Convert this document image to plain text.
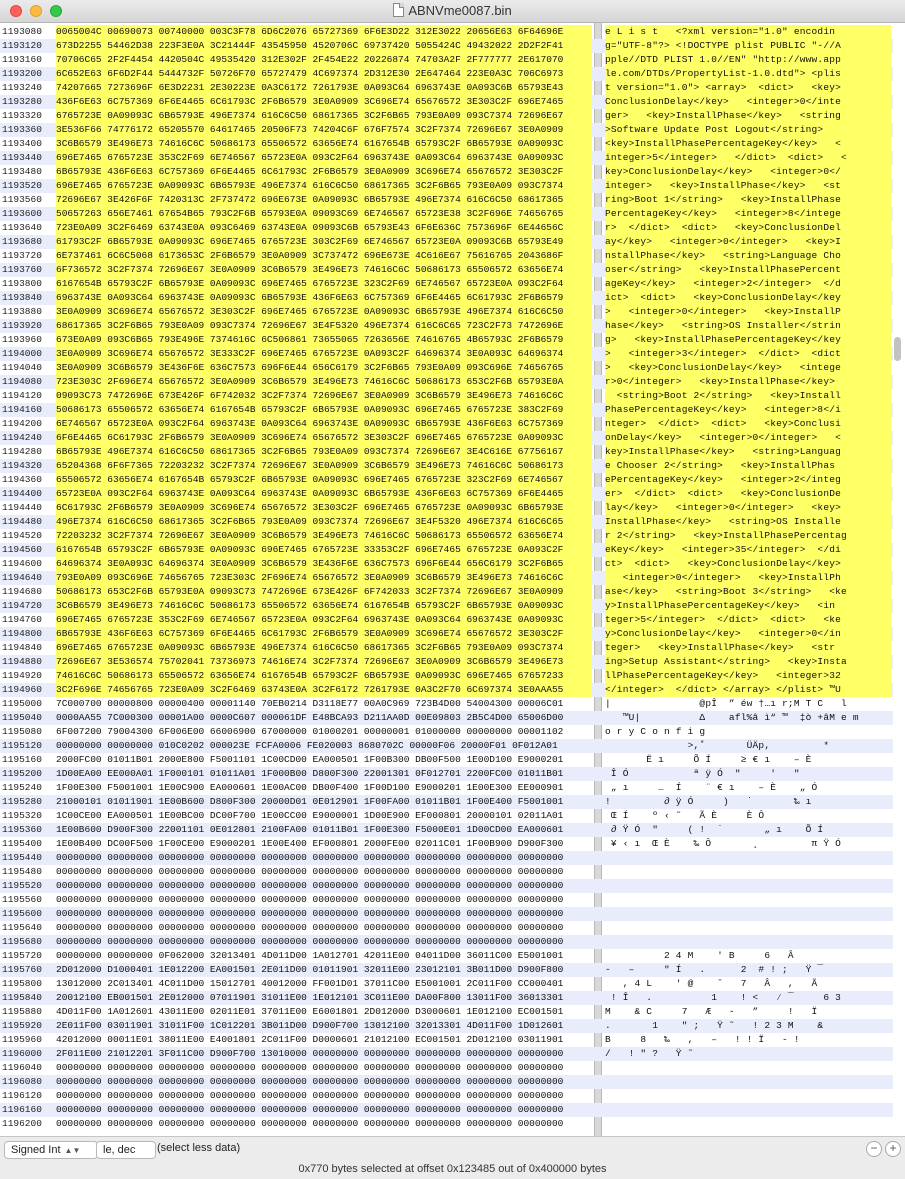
ABNVme0087.bin
1193080	0065004C 00690073 00740000 003C3F78 6D6C2076 65727369 6F6E3D22 312E3022 20656E63 6F64696E	e L i s t   <?xml version="1.0" encodin
1193120	673D2255 54462D38 223F3E0A 3C21444F 43545950 4520706C 69737420 5055424C 49432022 2D2F2F41	g="UTF-8"?> <!DOCTYPE plist PUBLIC "-//A
1193160	70706C65 2F2F4454 4420504C 49535420 312E302F 2F454E22 20226874 74703A2F 2F777777 2E617070	pple//DTD PLIST 1.0//EN" "http://www.app
1193200	6C652E63 6F6D2F44 5444732F 50726F70 65727479 4C697374 2D312E30 2E647464 223E0A3C 706C6973	le.com/DTDs/PropertyList-1.0.dtd"> <plis
1193240	74207665 7273696F 6E3D2231 2E30223E 0A3C6172 7261793E 0A093C64 6963743E 0A093C6B 65793E43	t version="1.0"> <array>  <dict>   <key>
1193280	436F6E63 6C757369 6F6E4465 6C61793C 2F6B6579 3E0A0909 3C696E74 65676572 3E303C2F 696E7465	ConclusionDelay</key>   <integer>0</inte
1193320	6765723E 0A09093C 6B65793E 496E7374 616C6C50 68617365 3C2F6B65 793E0A09 093C7374 72696E67	ger>   <key>InstallPhase</key>   <string
1193360	3E536F66 74776172 65205570 64617465 20506F73 74204C6F 676F7574 3C2F7374 72696E67 3E0A0909	>Software Update Post Logout</string>
1193400	3C6B6579 3E496E73 74616C6C 50686173 65506572 63656E74 6167654B 65793C2F 6B65793E 0A09093C	<key>InstallPhasePercentageKey</key>   <
1193440	696E7465 6765723E 353C2F69 6E746567 65723E0A 093C2F64 6963743E 0A093C64 6963743E 0A09093C	integer>5</integer>   </dict>  <dict>   <
1193480	6B65793E 436F6E63 6C757369 6F6E4465 6C61793C 2F6B6579 3E0A0909 3C696E74 65676572 3E303C2F	key>ConclusionDelay</key>   <integer>0</
1193520	696E7465 6765723E 0A09093C 6B65793E 496E7374 616C6C50 68617365 3C2F6B65 793E0A09 093C7374	integer>   <key>InstallPhase</key>   <st
1193560	72696E67 3E426F6F 7420313C 2F737472 696E673E 0A09093C 6B65793E 496E7374 616C6C50 68617365	ring>Boot 1</string>   <key>InstallPhase
1193600	50657263 656E7461 67654B65 793C2F6B 65793E0A 09093C69 6E746567 65723E38 3C2F696E 74656765	PercentageKey</key>   <integer>8</intege
1193640	723E0A09 3C2F6469 63743E0A 093C6469 63743E0A 09093C6B 65793E43 6F6E636C 7573696F 6E44656C	r>  </dict>  <dict>   <key>ConclusionDel
1193680	61793C2F 6B65793E 0A09093C 696E7465 6765723E 303C2F69 6E746567 65723E0A 09093C6B 65793E49	ay</key>   <integer>0</integer>   <key>I
1193720	6E737461 6C6C5068 6173653C 2F6B6579 3E0A0909 3C737472 696E673E 4C616E67 75616765 2043686F	nstallPhase</key>   <string>Language Cho
1193760	6F736572 3C2F7374 72696E67 3E0A0909 3C6B6579 3E496E73 74616C6C 50686173 65506572 63656E74	oser</string>   <key>InstallPhasePercent
1193800	6167654B 65793C2F 6B65793E 0A09093C 696E7465 6765723E 323C2F69 6E746567 65723E0A 093C2F64	ageKey</key>   <integer>2</integer>  </d
1193840	6963743E 0A093C64 6963743E 0A09093C 6B65793E 436F6E63 6C757369 6F6E4465 6C61793C 2F6B6579	ict>  <dict>   <key>ConclusionDelay</key
1193880	3E0A0909 3C696E74 65676572 3E303C2F 696E7465 6765723E 0A09093C 6B65793E 496E7374 616C6C50	>   <integer>0</integer>   <key>InstallP
1193920	68617365 3C2F6B65 793E0A09 093C7374 72696E67 3E4F5320 496E7374 616C6C65 723C2F73 7472696E	hase</key>   <string>OS Installer</strin
1193960	673E0A09 093C6B65 793E496E 7374616C 6C506861 73655065 7263656E 74616765 4B65793C 2F6B6579	g>   <key>InstallPhasePercentageKey</key
1194000	3E0A0909 3C696E74 65676572 3E333C2F 696E7465 6765723E 0A093C2F 64696374 3E0A093C 64696374	>   <integer>3</integer>  </dict>  <dict
1194040	3E0A0909 3C6B6579 3E436F6E 636C7573 696F6E44 656C6179 3C2F6B65 793E0A09 093C696E 74656765	>   <key>ConclusionDelay</key>   <intege
1194080	723E303C 2F696E74 65676572 3E0A0909 3C6B6579 3E496E73 74616C6C 50686173 653C2F6B 65793E0A	r>0</integer>   <key>InstallPhase</key>
1194120	09093C73 7472696E 673E426F 6F742032 3C2F7374 72696E67 3E0A0909 3C6B6579 3E496E73 74616C6C	<string>Boot 2</string>   <key>Install
1194160	50686173 65506572 63656E74 6167654B 65793C2F 6B65793E 0A09093C 696E7465 6765723E 383C2F69	PhasePercentageKey</key>   <integer>8</i
1194200	6E746567 65723E0A 093C2F64 6963743E 0A093C64 6963743E 0A09093C 6B65793E 436F6E63 6C757369	nteger>  </dict>  <dict>   <key>Conclusi
1194240	6F6E4465 6C61793C 2F6B6579 3E0A0909 3C696E74 65676572 3E303C2F 696E7465 6765723E 0A09093C	onDelay</key>   <integer>0</integer>   <
1194280	6B65793E 496E7374 616C6C50 68617365 3C2F6B65 793E0A09 093C7374 72696E67 3E4C616E 67756167	key>InstallPhase</key>   <string>Languag
1194320	65204368 6F6F7365 72203232 3C2F7374 72696E67 3E0A0909 3C6B6579 3E496E73 74616C6C 50686173	e Chooser 2</string>   <key>InstallPhas
1194360	65506572 63656E74 6167654B 65793C2F 6B65793E 0A09093C 696E7465 6765723E 323C2F69 6E746567	ePercentageKey</key>   <integer>2</integ
1194400	65723E0A 093C2F64 6963743E 0A093C64 6963743E 0A09093C 6B65793E 436F6E63 6C757369 6F6E4465	er>  </dict>  <dict>   <key>ConclusionDe
1194440	6C61793C 2F6B6579 3E0A0909 3C696E74 65676572 3E303C2F 696E7465 6765723E 0A09093C 6B65793E	lay</key>   <integer>0</integer>   <key>
1194480	496E7374 616C6C50 68617365 3C2F6B65 793E0A09 093C7374 72696E67 3E4F5320 496E7374 616C6C65	InstallPhase</key>   <string>OS Installe
1194520	72203232 3C2F7374 72696E67 3E0A0909 3C6B6579 3E496E73 74616C6C 50686173 65506572 63656E74	r 2</string>   <key>InstallPhasePercentag
1194560	6167654B 65793C2F 6B65793E 0A09093C 696E7465 6765723E 33353C2F 696E7465 6765723E 0A093C2F	eKey</key>   <integer>35</integer>  </di
1194600	64696374 3E0A093C 64696374 3E0A0909 3C6B6579 3E436F6E 636C7573 696F6E44 656C6179 3C2F6B65	ct>  <dict>   <key>ConclusionDelay</key>
1194640	793E0A09 093C696E 74656765 723E303C 2F696E74 65676572 3E0A0909 3C6B6579 3E496E73 74616C6C	<integer>0</integer>   <key>InstallPh
1194680	50686173 653C2F6B 65793E0A 09093C73 7472696E 673E426F 6F742033 3C2F7374 72696E67 3E0A0909	ase</key>   <string>Boot 3</string>   <ke
1194720	3C6B6579 3E496E73 74616C6C 50686173 65506572 63656E74 6167654B 65793C2F 6B65793E 0A09093C	y>InstallPhasePercentageKey</key>   <in
1194760	696E7465 6765723E 353C2F69 6E746567 65723E0A 093C2F64 6963743E 0A093C64 6963743E 0A09093C	teger>5</integer>  </dict>  <dict>   <ke
1194800	6B65793E 436F6E63 6C757369 6F6E4465 6C61793C 2F6B6579 3E0A0909 3C696E74 65676572 3E303C2F	y>ConclusionDelay</key>   <integer>0</in
1194840	696E7465 6765723E 0A09093C 6B65793E 496E7374 616C6C50 68617365 3C2F6B65 793E0A09 093C7374	teger>   <key>InstallPhase</key>   <str
1194880	72696E67 3E536574 75702041 73736973 74616E74 3C2F7374 72696E67 3E0A0909 3C6B6579 3E496E73	ing>Setup Assistant</string>   <key>Insta
1194920	74616C6C 50686173 65506572 63656E74 6167654B 65793C2F 6B65793E 0A09093C 696E7465 67657233	llPhasePercentageKey</key>   <integer>32
1194960	3C2F696E 74656765 723E0A09 3C2F6469 63743E0A 3C2F6172 7261793E 0A3C2F70 6C697374 3E0AAA55	</integer>  </dict> </array> </plist> ™U
1195000	7C000700 00000800 00000400 00001140 70EB0214 D3118E77 00A0C969 723B4D00 54004300 00006C01	|               @pÎ  ” éw †…ı r;M T C   l
1195040	0000AA55 7C000300 00001A00 0000C607 000061DF E48BCA93 D211AA0D 00E09803 2B5C4D00 65006D00	™U|          Δ    afl%â ì“ ™  ‡ò +âM e m
1195080	6F007200 79004300 6F006E00 66006900 67000000 01000201 00000001 01000000 00000000 00001102	o r y C o n f i g
1195120	00000000 00000000 010C0202 000023E FCFA0006 FE020003 8680702C 00000F06 20000F01 0F012A01	>,˚       ÜÄp,         *
1195160	2000FC00 01011B01 2000E800 F5001101 1C00CD00 EA000501 1F00B300 DB00F500 1E00D100 E9000201	Ë ı     Õ Í     ≥ € ı    – È
1195200	1D00EA00 EE000A01 1F000101 01011A01 1F000B00 D800F300 22001301 0F012701 2200FC00 01011B01	Î Ó           ª ÿ Ó  "     '   "
1195240	1F00E300 F5001001 1E00C900 EA000601 1E00AC00 DB00F400 1F00D100 E9000201 1E00E300 EE000901	„ ı     …  Í    ¨ € ı    – È    „ Ó
1195280	21000101 01011901 1E00B600 D800F300 20000D01 0E012901 1F00FA00 01011B01 1F00E400 F5001001	!         ∂ ÿ Ó     )   ˙       ‰ ı
1195320	1C00CE00 EA000501 1E00BC00 DC00F700 1E00CC00 E9000001 1D00E900 EF000801 20000101 02011A01	Œ Í    º ‹ ˜   Ã È     È Ô
1195360	1E00B600 D900F300 22001101 0E012801 2100FA00 01011B01 1F00E300 F5000E01 1D00CD00 EA000601	∂ Ÿ Ó  "     ( !  ˙       „ ı    Õ Í
1195400	1E00B400 DC00F500 1F00CE00 E9000201 1E00E400 EF000801 2000FE00 02011C01 1F00B900 D900F300	¥ ‹ ı  Œ È    ‰ Ô       ˛         π Ÿ Ó
1195440	00000000 00000000 00000000 00000000 00000000 00000000 00000000 00000000 00000000 00000000
1195480	00000000 00000000 00000000 00000000 00000000 00000000 00000000 00000000 00000000 00000000
1195520	00000000 00000000 00000000 00000000 00000000 00000000 00000000 00000000 00000000 00000000
1195560	00000000 00000000 00000000 00000000 00000000 00000000 00000000 00000000 00000000 00000000
1195600	00000000 00000000 00000000 00000000 00000000 00000000 00000000 00000000 00000000 00000000
1195640	00000000 00000000 00000000 00000000 00000000 00000000 00000000 00000000 00000000 00000000
1195680	00000000 00000000 00000000 00000000 00000000 00000000 00000000 00000000 00000000 00000000
1195720	00000000 00000000 0F062000 32013401 4D011D00 1A012701 42011E00 04011D00 36011C00 E5001001	2 4 M    ' B     6   Â
1195760	2D012000 D1000401 1E012200 EA001501 2E011D00 01011901 32011E00 23012101 3B011D00 D900F800	-   –     " Í   .      2  # ! ;   Ÿ ¯
1195800	13012000 2C013401 4C011D00 15012701 40012000 FF001D01 37011C00 E5001001 2C011F00 CC000401	, 4 L    ' @    ˇ   7   Â   ,   Ã
1195840	20012100 EB001501 2E012000 07011901 31011E00 1E012101 3C011E00 DA00F800 13011F00 36013301	! Î   .          1    ! <   ⁄ ¯     6 3
1195880	4D011F00 1A012601 43011E00 02011E01 37011E00 E6001801 2D012000 D3000601 1E012100 EC001501	M    & C     7   Æ   -   ”     !   Ï
1195920	2E011F00 03011901 31011F00 1C012201 3B011D00 D900F700 13012100 32013301 4D011F00 1D012601	.       1    " ;   Ÿ ˜   ! 2 3 M    &
1195960	42012000 00011E01 38011E00 E4001801 2C011F00 D0000601 21012100 EC001501 2D012100 03011901	B     8   ‰   ,   –   ! ! Ï   - !
1196000	2F011E00 21012201 3F011C00 D900F700 13010000 00000000 00000000 00000000 00000000 00000000	/   ! " ?   Ÿ ˜
1196040	00000000 00000000 00000000 00000000 00000000 00000000 00000000 00000000 00000000 00000000
1196080	00000000 00000000 00000000 00000000 00000000 00000000 00000000 00000000 00000000 00000000
1196120	00000000 00000000 00000000 00000000 00000000 00000000 00000000 00000000 00000000 00000000
1196160	00000000 00000000 00000000 00000000 00000000 00000000 00000000 00000000 00000000 00000000
1196200	00000000 00000000 00000000 00000000 00000000 00000000 00000000 00000000 00000000 00000000
Signed Int ▲▼	le, dec	(select less data)	− +
0x770 bytes selected at offset 0x123485 out of 0x400000 bytes
